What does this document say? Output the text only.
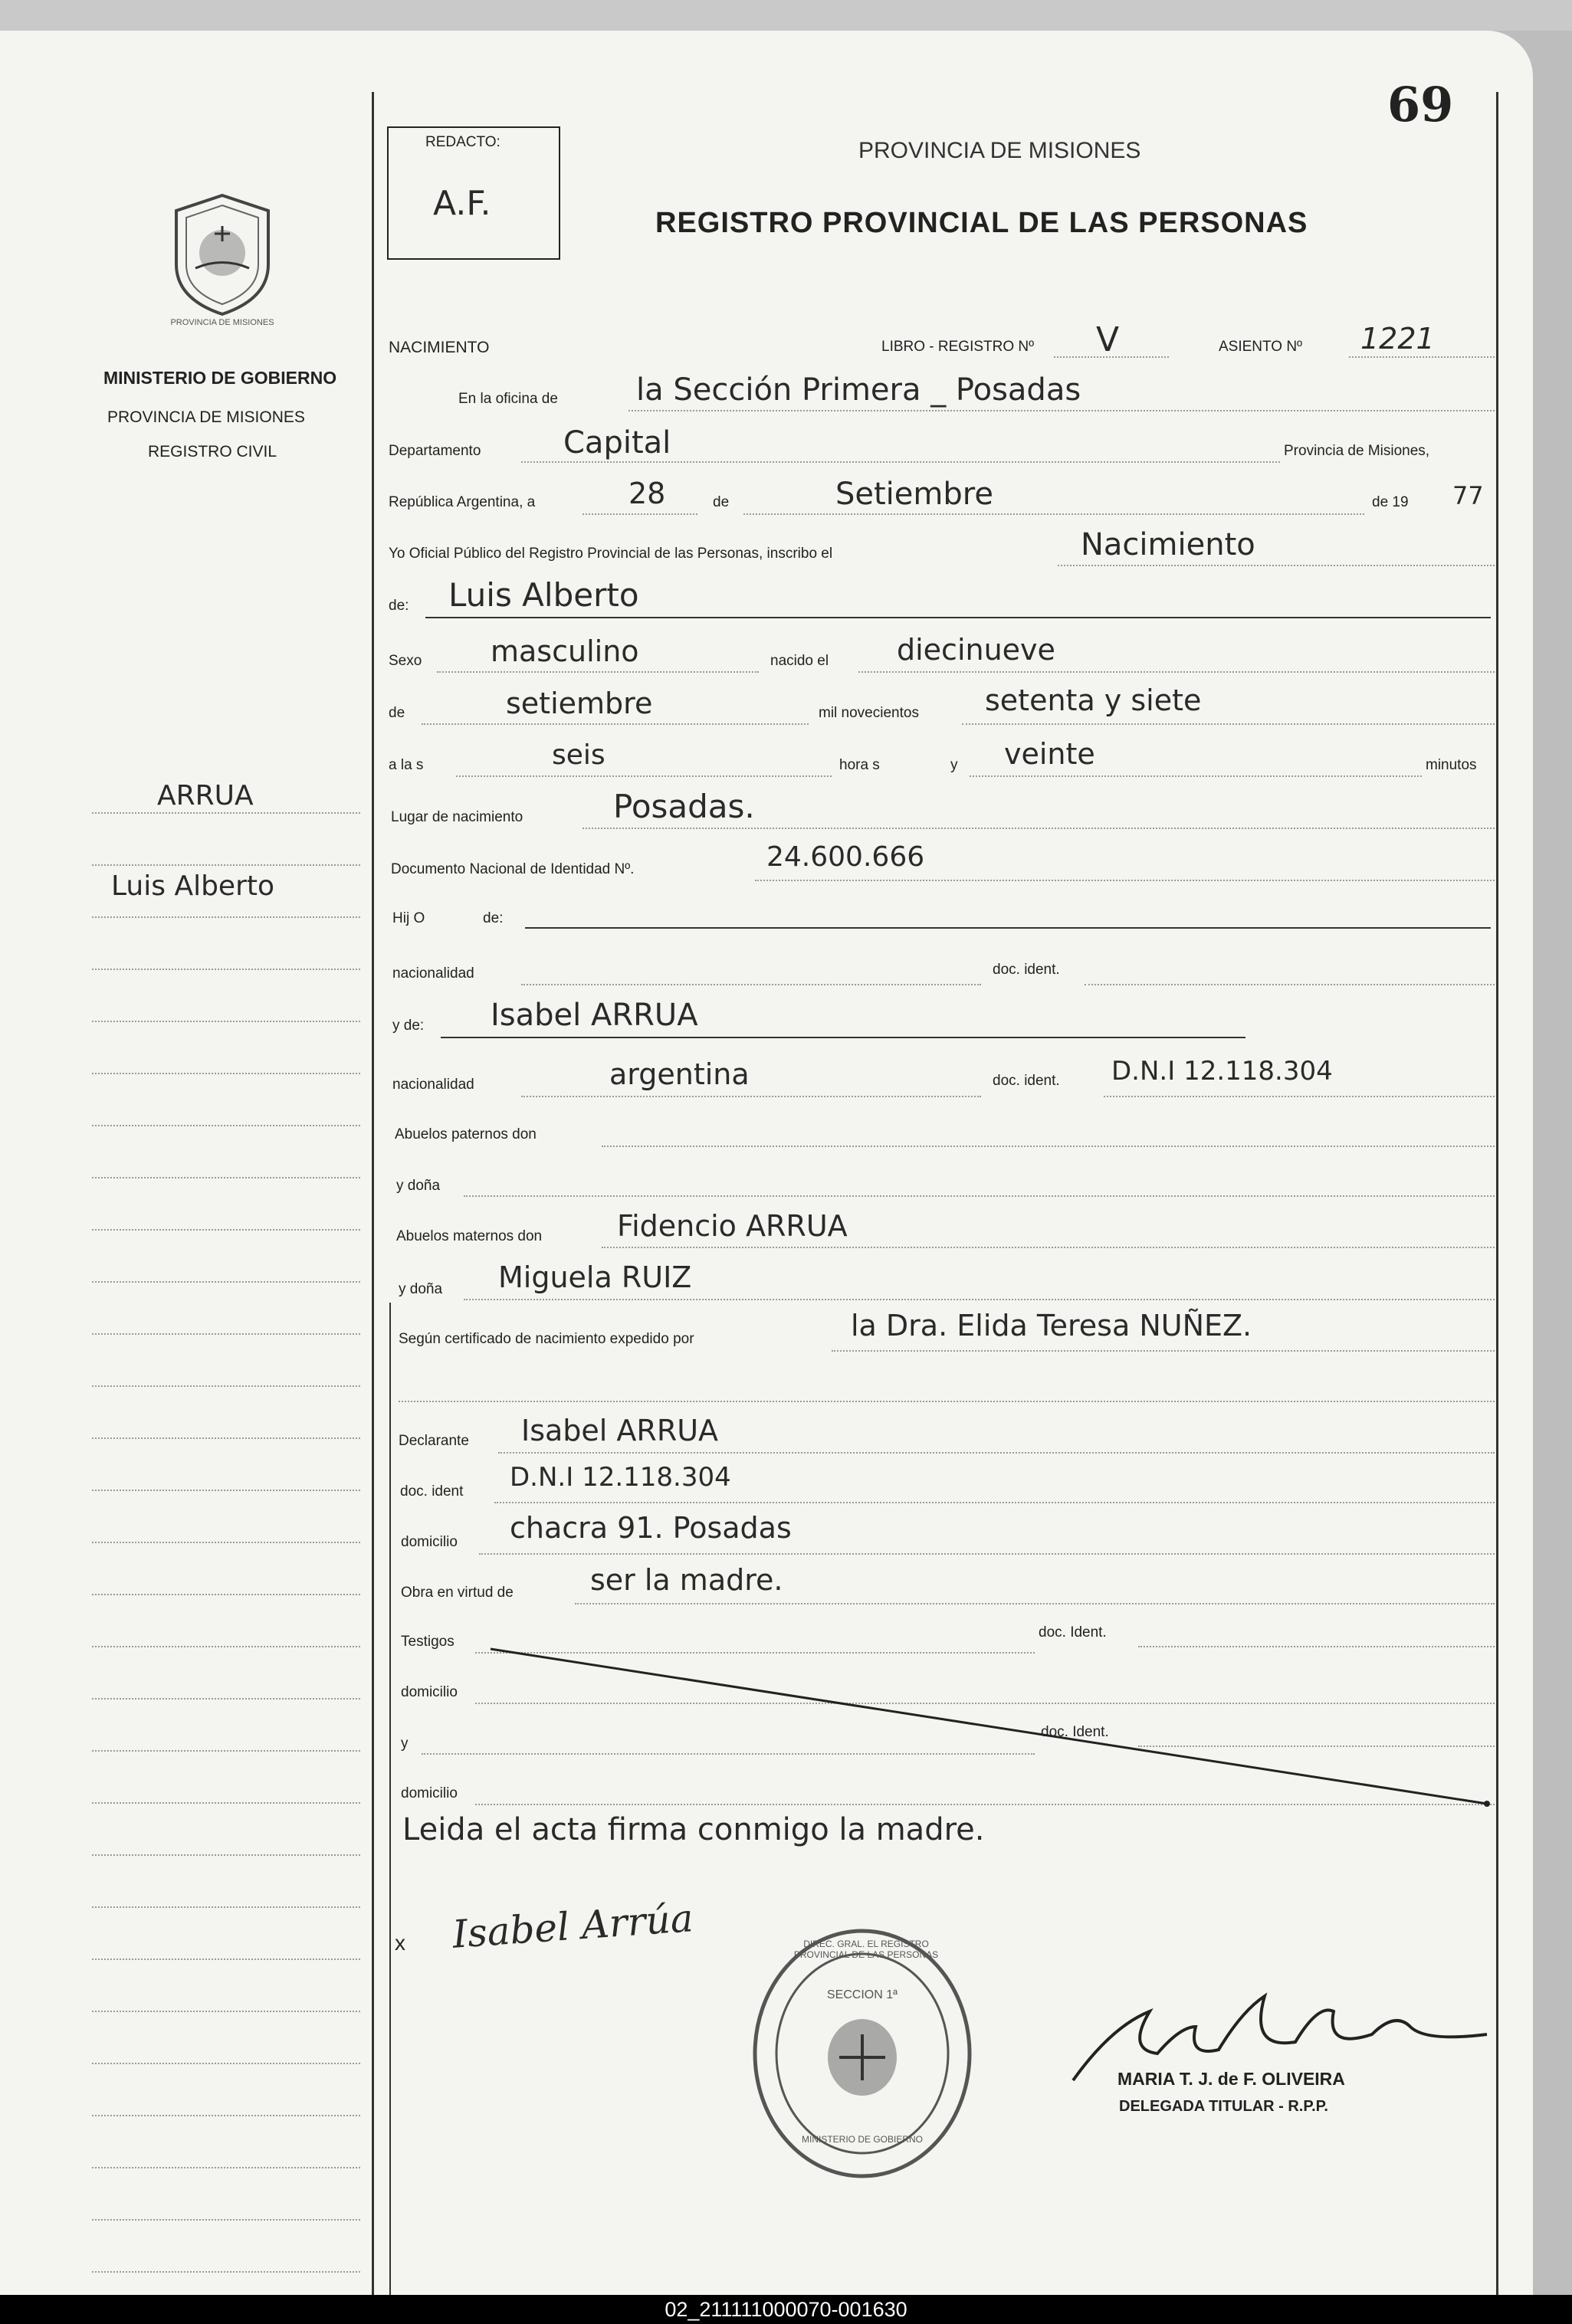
69
REDACTO:
A.F.
PROVINCIA DE MISIONES
REGISTRO PROVINCIAL DE LAS PERSONAS
PROVINCIA DE MISIONES
MINISTERIO DE GOBIERNO
PROVINCIA DE MISIONES
REGISTRO CIVIL
ARRUA
Luis Alberto
NACIMIENTO	LIBRO - REGISTRO Nº V	ASIENTO Nº 1221
En la oficina de	la Sección Primera _ Posadas
Departamento	Capital	Provincia de Misiones,
República Argentina, a	28	de	Setiembre	de 19 77
Yo Oficial Público del Registro Provincial de las Personas, inscribo el	Nacimiento
de: Luis Alberto
Sexo masculino	nacido el diecinueve
de	setiembre	mil novecientos setenta y siete
a la s	seis	hora s	y veinte	minutos
Lugar de nacimiento	Posadas.
Documento Nacional de Identidad Nº.	24.600.666
Hij O	de:
nacionalidad	doc. ident.
y de: Isabel ARRUA
nacionalidad	argentina	doc. ident. D.N.I 12.118.304
Abuelos paternos don
y doña
Abuelos maternos don	Fidencio ARRUA
y doña Miguela RUIZ
Según certificado de nacimiento expedido por	la Dra. Elida Teresa NUÑEZ.
Declarante Isabel ARRUA
doc. ident D.N.I 12.118.304
domicilio chacra 91. Posadas
Obra en virtud de	ser la madre.
Testigos
doc. Ident.
domicilio
y
doc. Ident.
domicilio
Leida el acta firma conmigo la madre.
x Isabel Arrúa	DIREC. GRAL. EL REGISTRO PROVINCIAL DE LAS PERSONAS
SECCION 1ª
MINISTERIO DE GOBIERNO
MARIA T. J. de F. OLIVEIRA
DELEGADA TITULAR - R.P.P.
02_211111000070-001630
